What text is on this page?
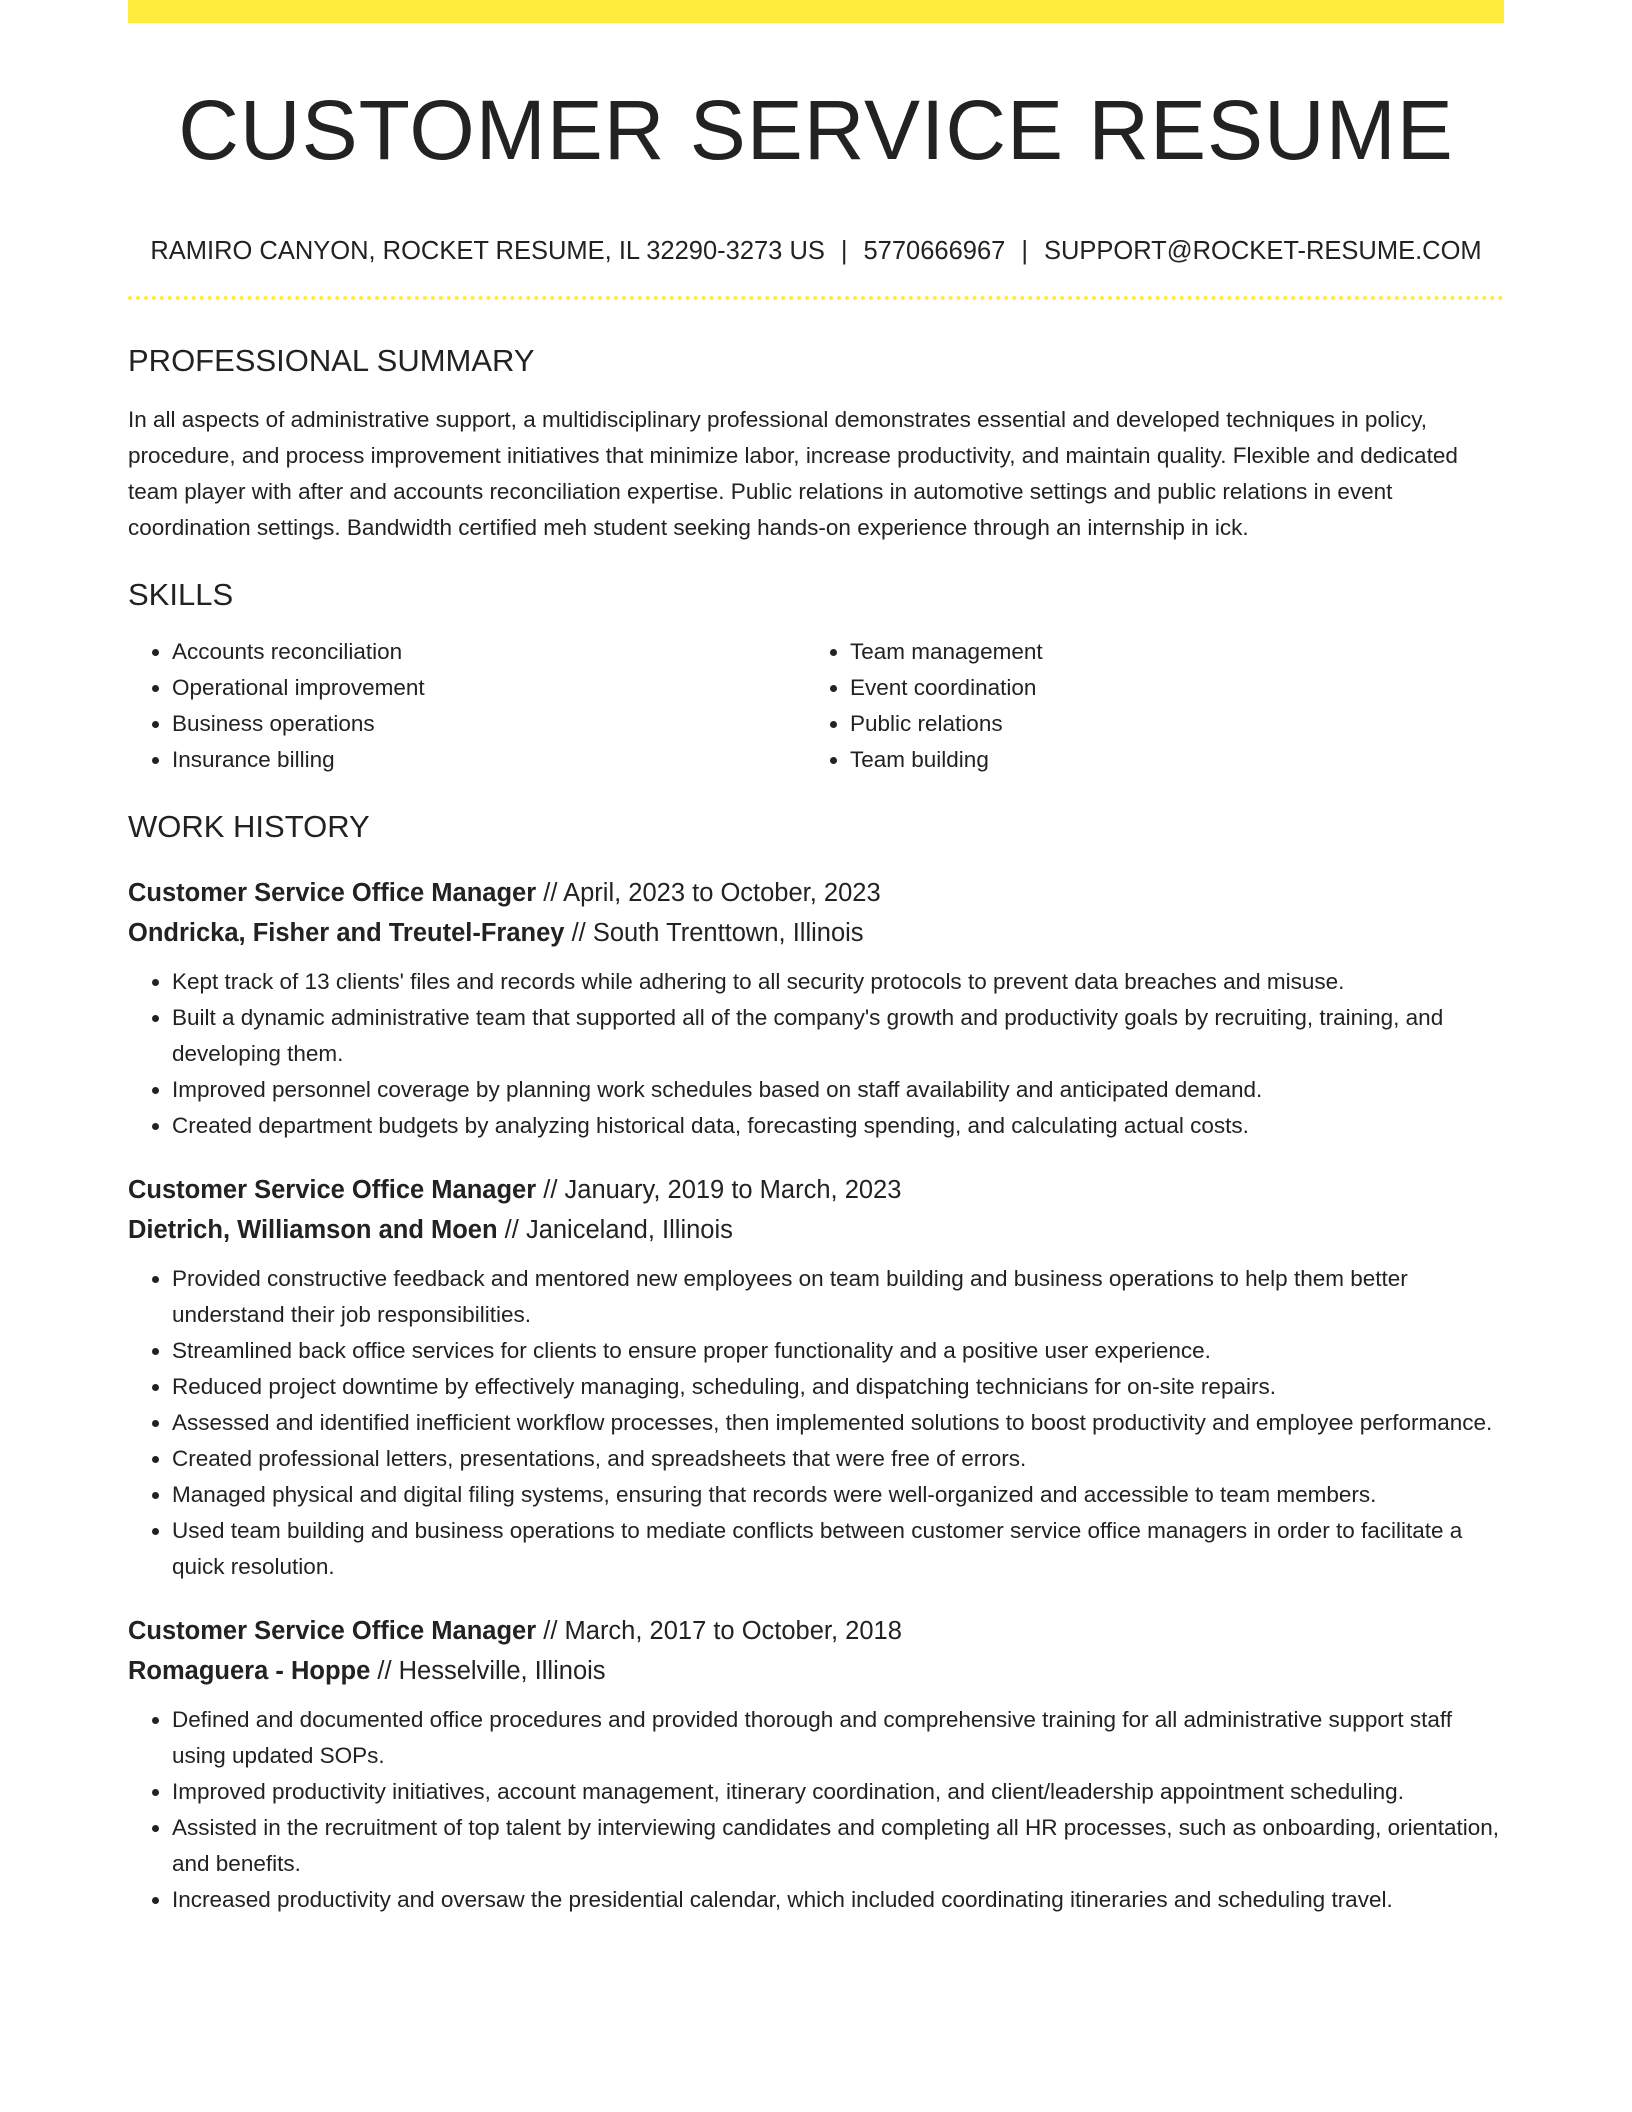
CUSTOMER SERVICE RESUME
RAMIRO CANYON, ROCKET RESUME, IL 32290-3273 US | 5770666967 | SUPPORT@ROCKET-RESUME.COM
PROFESSIONAL SUMMARY

In all aspects of administrative support, a multidisciplinary professional demonstrates essential and developed techniques in policy, procedure, and process improvement initiatives that minimize labor, increase productivity, and maintain quality. Flexible and dedicated team player with after and accounts reconciliation expertise. Public relations in automotive settings and public relations in event coordination settings. Bandwidth certified meh student seeking hands-on experience through an internship in ick.

SKILLS
• Accounts reconciliation
• Operational improvement
• Business operations
• Insurance billing
• Team management
• Event coordination
• Public relations
• Team building
WORK HISTORY
Customer Service Office Manager // April, 2023 to October, 2023
Ondricka, Fisher and Treutel-Franey // South Trenttown, Illinois
• Kept track of 13 clients' files and records while adhering to all security protocols to prevent data breaches and misuse.
• Built a dynamic administrative team that supported all of the company's growth and productivity goals by recruiting, training, and developing them.
• Improved personnel coverage by planning work schedules based on staff availability and anticipated demand.
• Created department budgets by analyzing historical data, forecasting spending, and calculating actual costs.
Customer Service Office Manager // January, 2019 to March, 2023
Dietrich, Williamson and Moen // Janiceland, Illinois
• Provided constructive feedback and mentored new employees on team building and business operations to help them better understand their job responsibilities.
• Streamlined back office services for clients to ensure proper functionality and a positive user experience.
• Reduced project downtime by effectively managing, scheduling, and dispatching technicians for on-site repairs.
• Assessed and identified inefficient workflow processes, then implemented solutions to boost productivity and employee performance.
• Created professional letters, presentations, and spreadsheets that were free of errors.
• Managed physical and digital filing systems, ensuring that records were well-organized and accessible to team members.
• Used team building and business operations to mediate conflicts between customer service office managers in order to facilitate a quick resolution.
Customer Service Office Manager // March, 2017 to October, 2018
Romaguera - Hoppe // Hesselville, Illinois
• Defined and documented office procedures and provided thorough and comprehensive training for all administrative support staff using updated SOPs.
• Improved productivity initiatives, account management, itinerary coordination, and client/leadership appointment scheduling.
• Assisted in the recruitment of top talent by interviewing candidates and completing all HR processes, such as onboarding, orientation, and benefits.
• Increased productivity and oversaw the presidential calendar, which included coordinating itineraries and scheduling travel.
